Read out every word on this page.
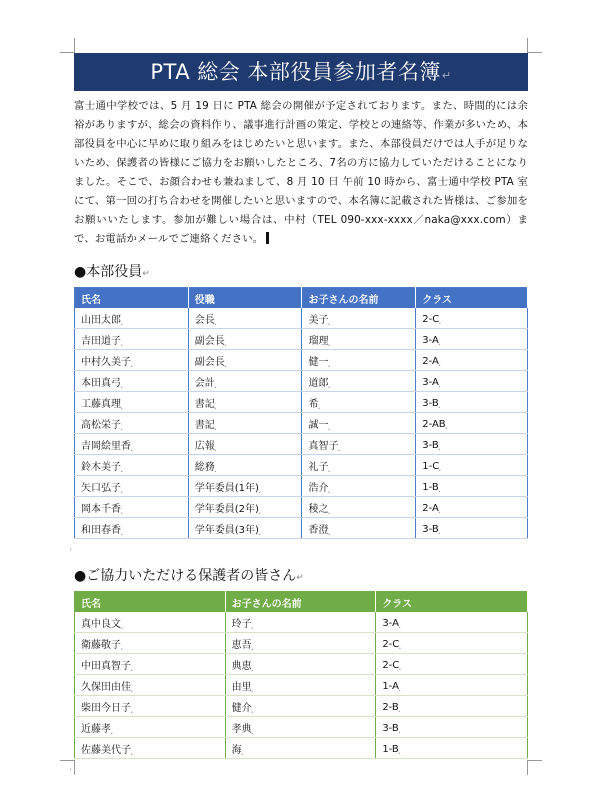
PTA 総会 本部役員参加者名簿↵

富士通中学校では、5 月 19 日に PTA 総会の開催が予定されております。また、時間的には余裕がありますが、総会の資料作り、議事進行計画の策定、学校との連絡等、作業が多いため、本部役員を中心に早めに取り組みをはじめたいと思います。また、本部役員だけでは人手が足りないため、保護者の皆様にご協力をお願いしたところ、7名の方に協力していただけることになりました。そこで、お顔合わせも兼ねまして、8 月 10 日 午前 10 時から、富士通中学校 PTA 室にて、第一回の打ち合わせを開催したいと思いますので、本名簿に記載された皆様は、ご参加をお願いいたします。参加が難しい場合は、中村（TEL 090-xxx-xxxx／naka@xxx.com）まで、お電話かメールでご連絡ください。

●本部役員↵
氏名	役職	お子さんの名前	クラス
山田太郎⸼	会長⸼	美子⸼	2-C⸼
吉田道子⸼	副会長⸼	瑠理⸼	3-A⸼
中村久美子⸼	副会長⸼	健一⸼	2-A⸼
本田真弓⸼	会計⸼	道郎⸼	3-A⸼
工藤真理⸼	書記⸼	希⸼	3-B⸼
高松栄子⸼	書記⸼	誠一⸼	2-AB⸼
吉岡絵里香⸼	広報⸼	真智子⸼	3-B⸼
鈴木美子⸼	総務⸼	礼子⸼	1-C⸼
矢口弘子⸼	学年委員(1年)⸼	浩介⸼	1-B⸼
岡本千香⸼	学年委員(2年)⸼	稜之⸼	2-A⸼
和田春香⸼	学年委員(3年)⸼	香澄⸼	3-B⸼
⸼
●ご協力いただける保護者の皆さん↵
氏名	お子さんの名前	クラス
真中良文⸼	玲子⸼	3-A⸼
衛藤敬子⸼	恵吾⸼	2-C⸼
中田真智子⸼	典恵⸼	2-C⸼
久保田由佳⸼	由里⸼	1-A⸼
柴田今日子⸼	健介⸼	2-B⸼
近藤孝⸼	孝典⸼	3-B⸼
佐藤美代子⸼	海⸼	1-B⸼
⸼
